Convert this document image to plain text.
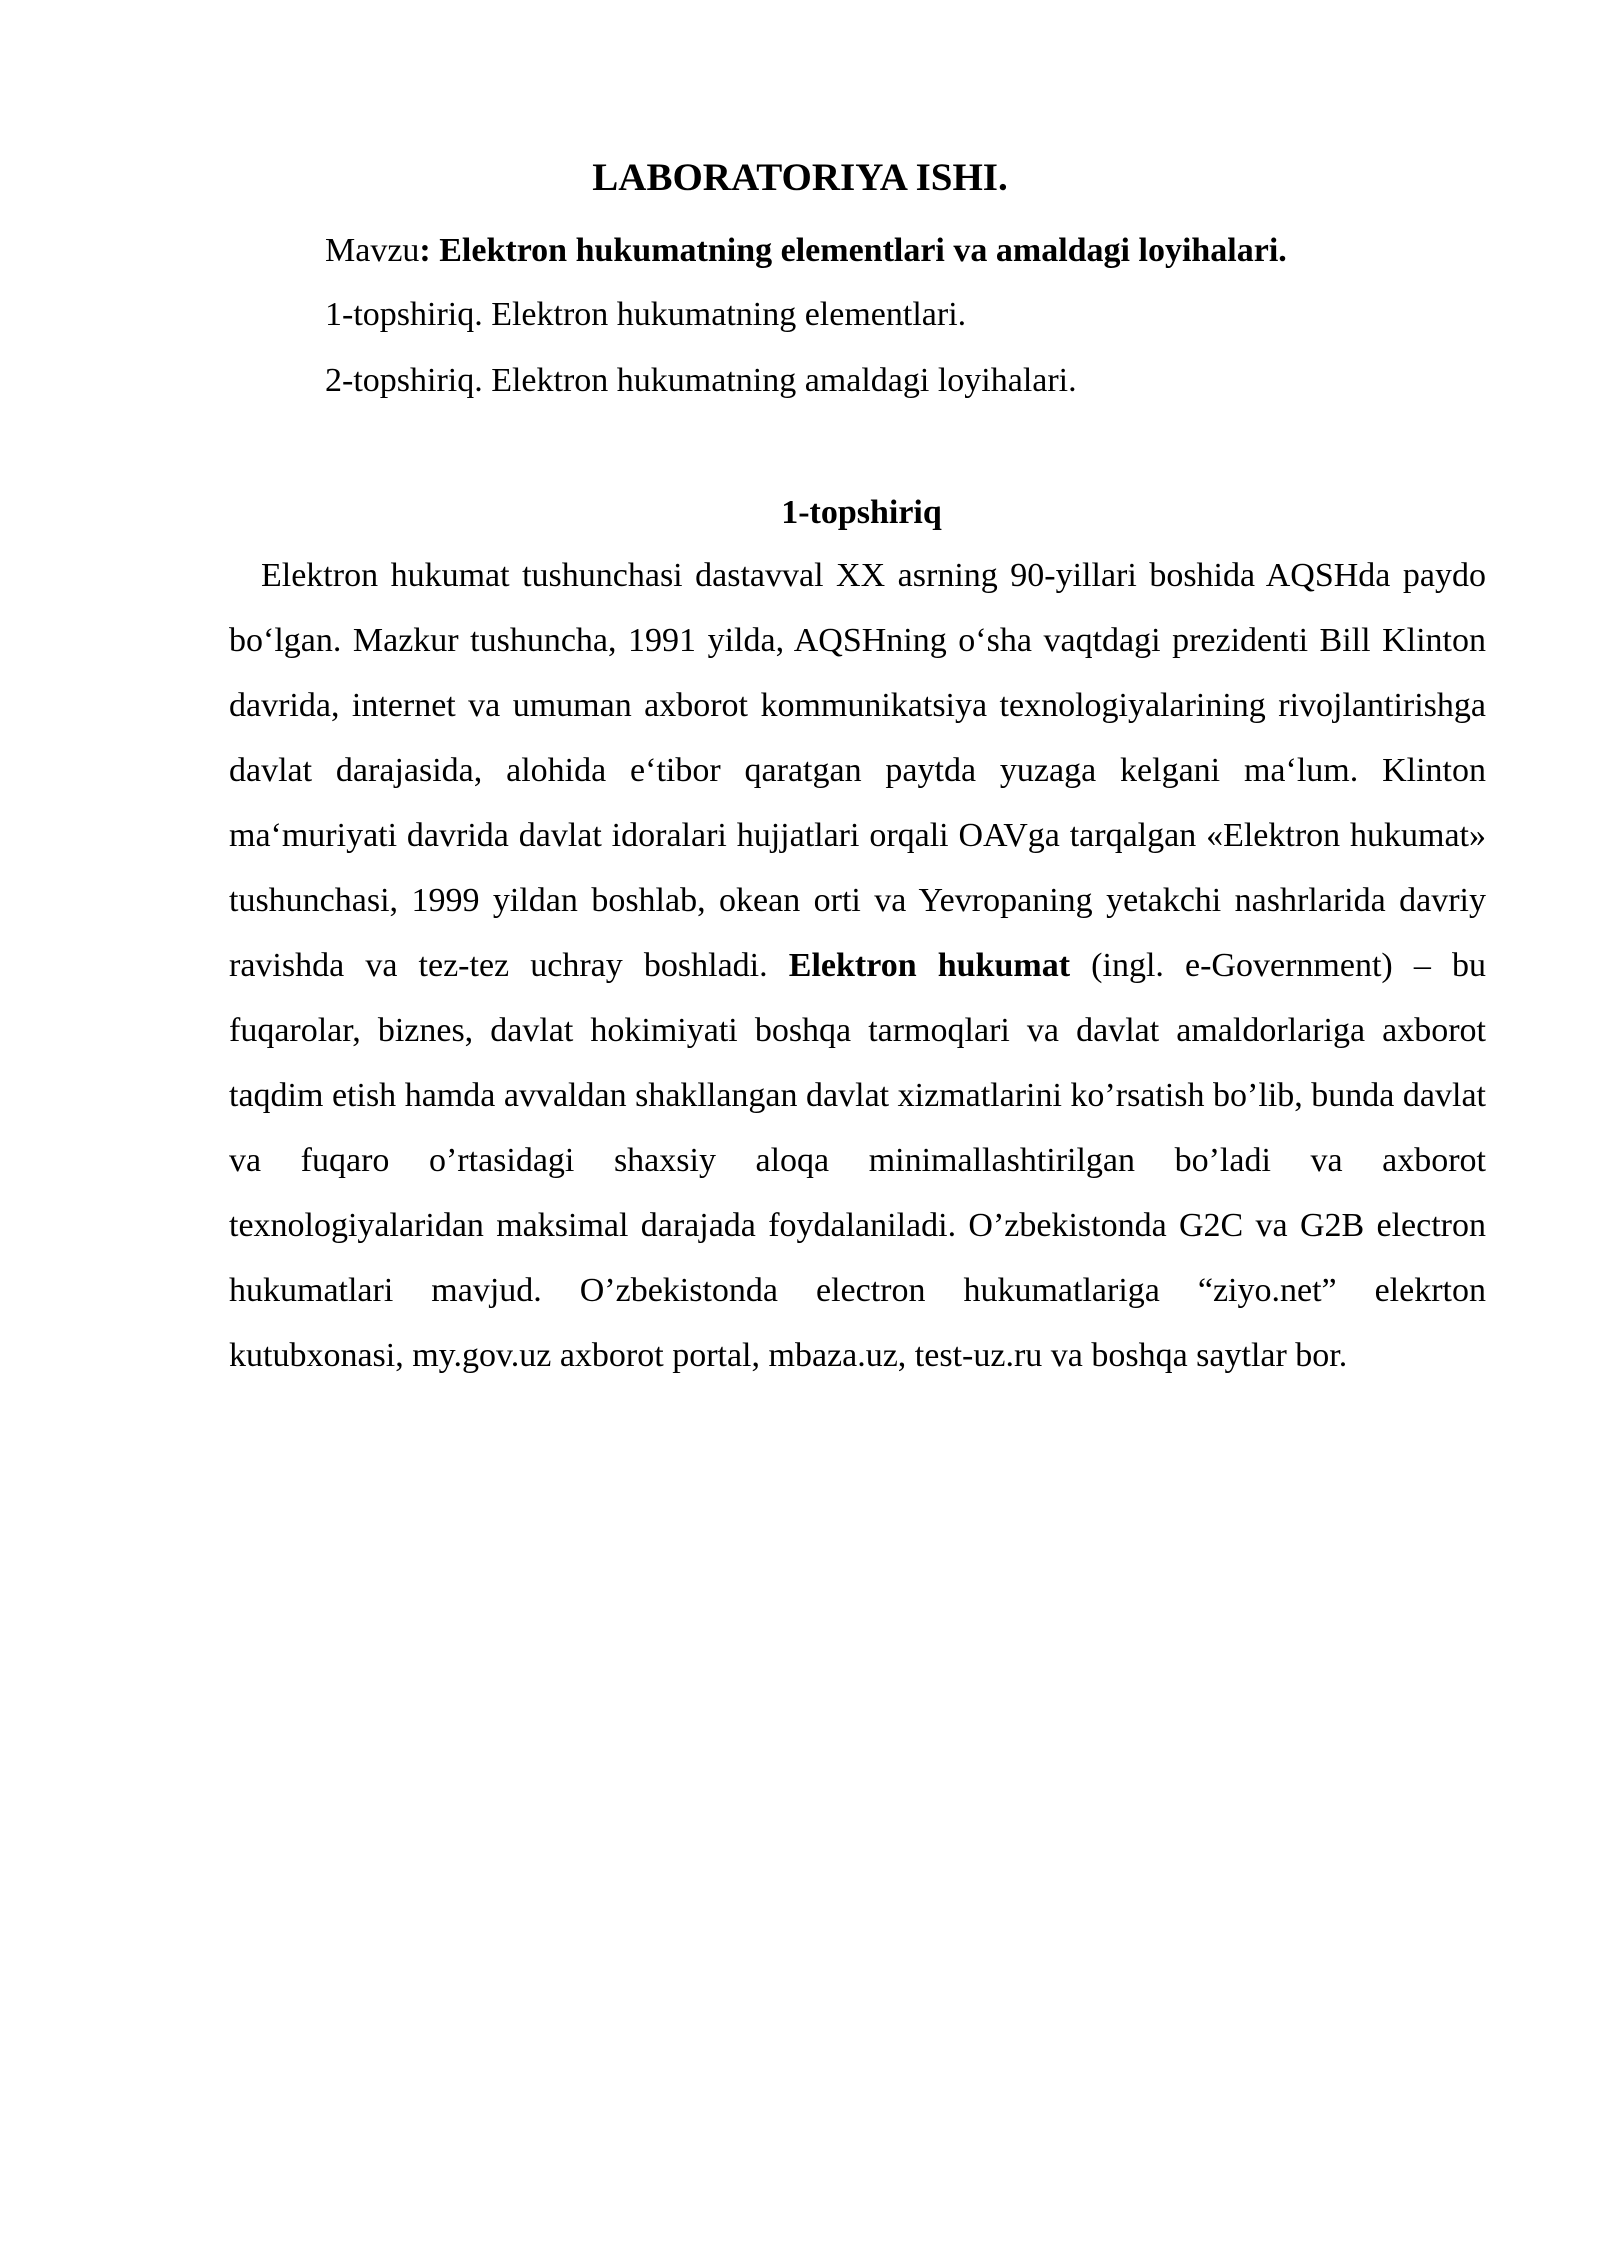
LABORATORIYA ISHI.

Mavzu: Elektron hukumatning elementlari va amaldagi loyihalari.

1-topshiriq. Elektron hukumatning elementlari.

2-topshiriq. Elektron hukumatning amaldagi loyihalari.

1-topshiriq

Elektron hukumat tushunchasi dastavval XX asrning 90-yillari boshida AQSHda paydo bo‘lgan. Mazkur tushuncha, 1991 yilda, AQSHning o‘sha vaqtdagi prezidenti Bill Klinton davrida, internet va umuman axborot kommunikatsiya texnologiyalarining rivojlantirishga davlat darajasida, alohida e‘tibor qaratgan paytda yuzaga kelgani ma‘lum. Klinton ma‘muriyati davrida davlat idoralari hujjatlari orqali OAVga tarqalgan «Elektron hukumat» tushunchasi, 1999 yildan boshlab, okean orti va Yevropaning yetakchi nashrlarida davriy ravishda va tez-tez uchray boshladi. Elektron hukumat (ingl. e-Government) – bu fuqarolar, biznes, davlat hokimiyati boshqa tarmoqlari va davlat amaldorlariga axborot taqdim etish hamda avvaldan shakllangan davlat xizmatlarini ko’rsatish bo’lib, bunda davlat va fuqaro o’rtasidagi shaxsiy aloqa minimallashtirilgan bo’ladi va axborot texnologiyalaridan maksimal darajada foydalaniladi. O’zbekistonda G2C va G2B electron hukumatlari mavjud. O’zbekistonda electron hukumatlariga “ziyo.net” elekrton kutubxonasi, my.gov.uz axborot portal, mbaza.uz, test-uz.ru va boshqa saytlar bor.
